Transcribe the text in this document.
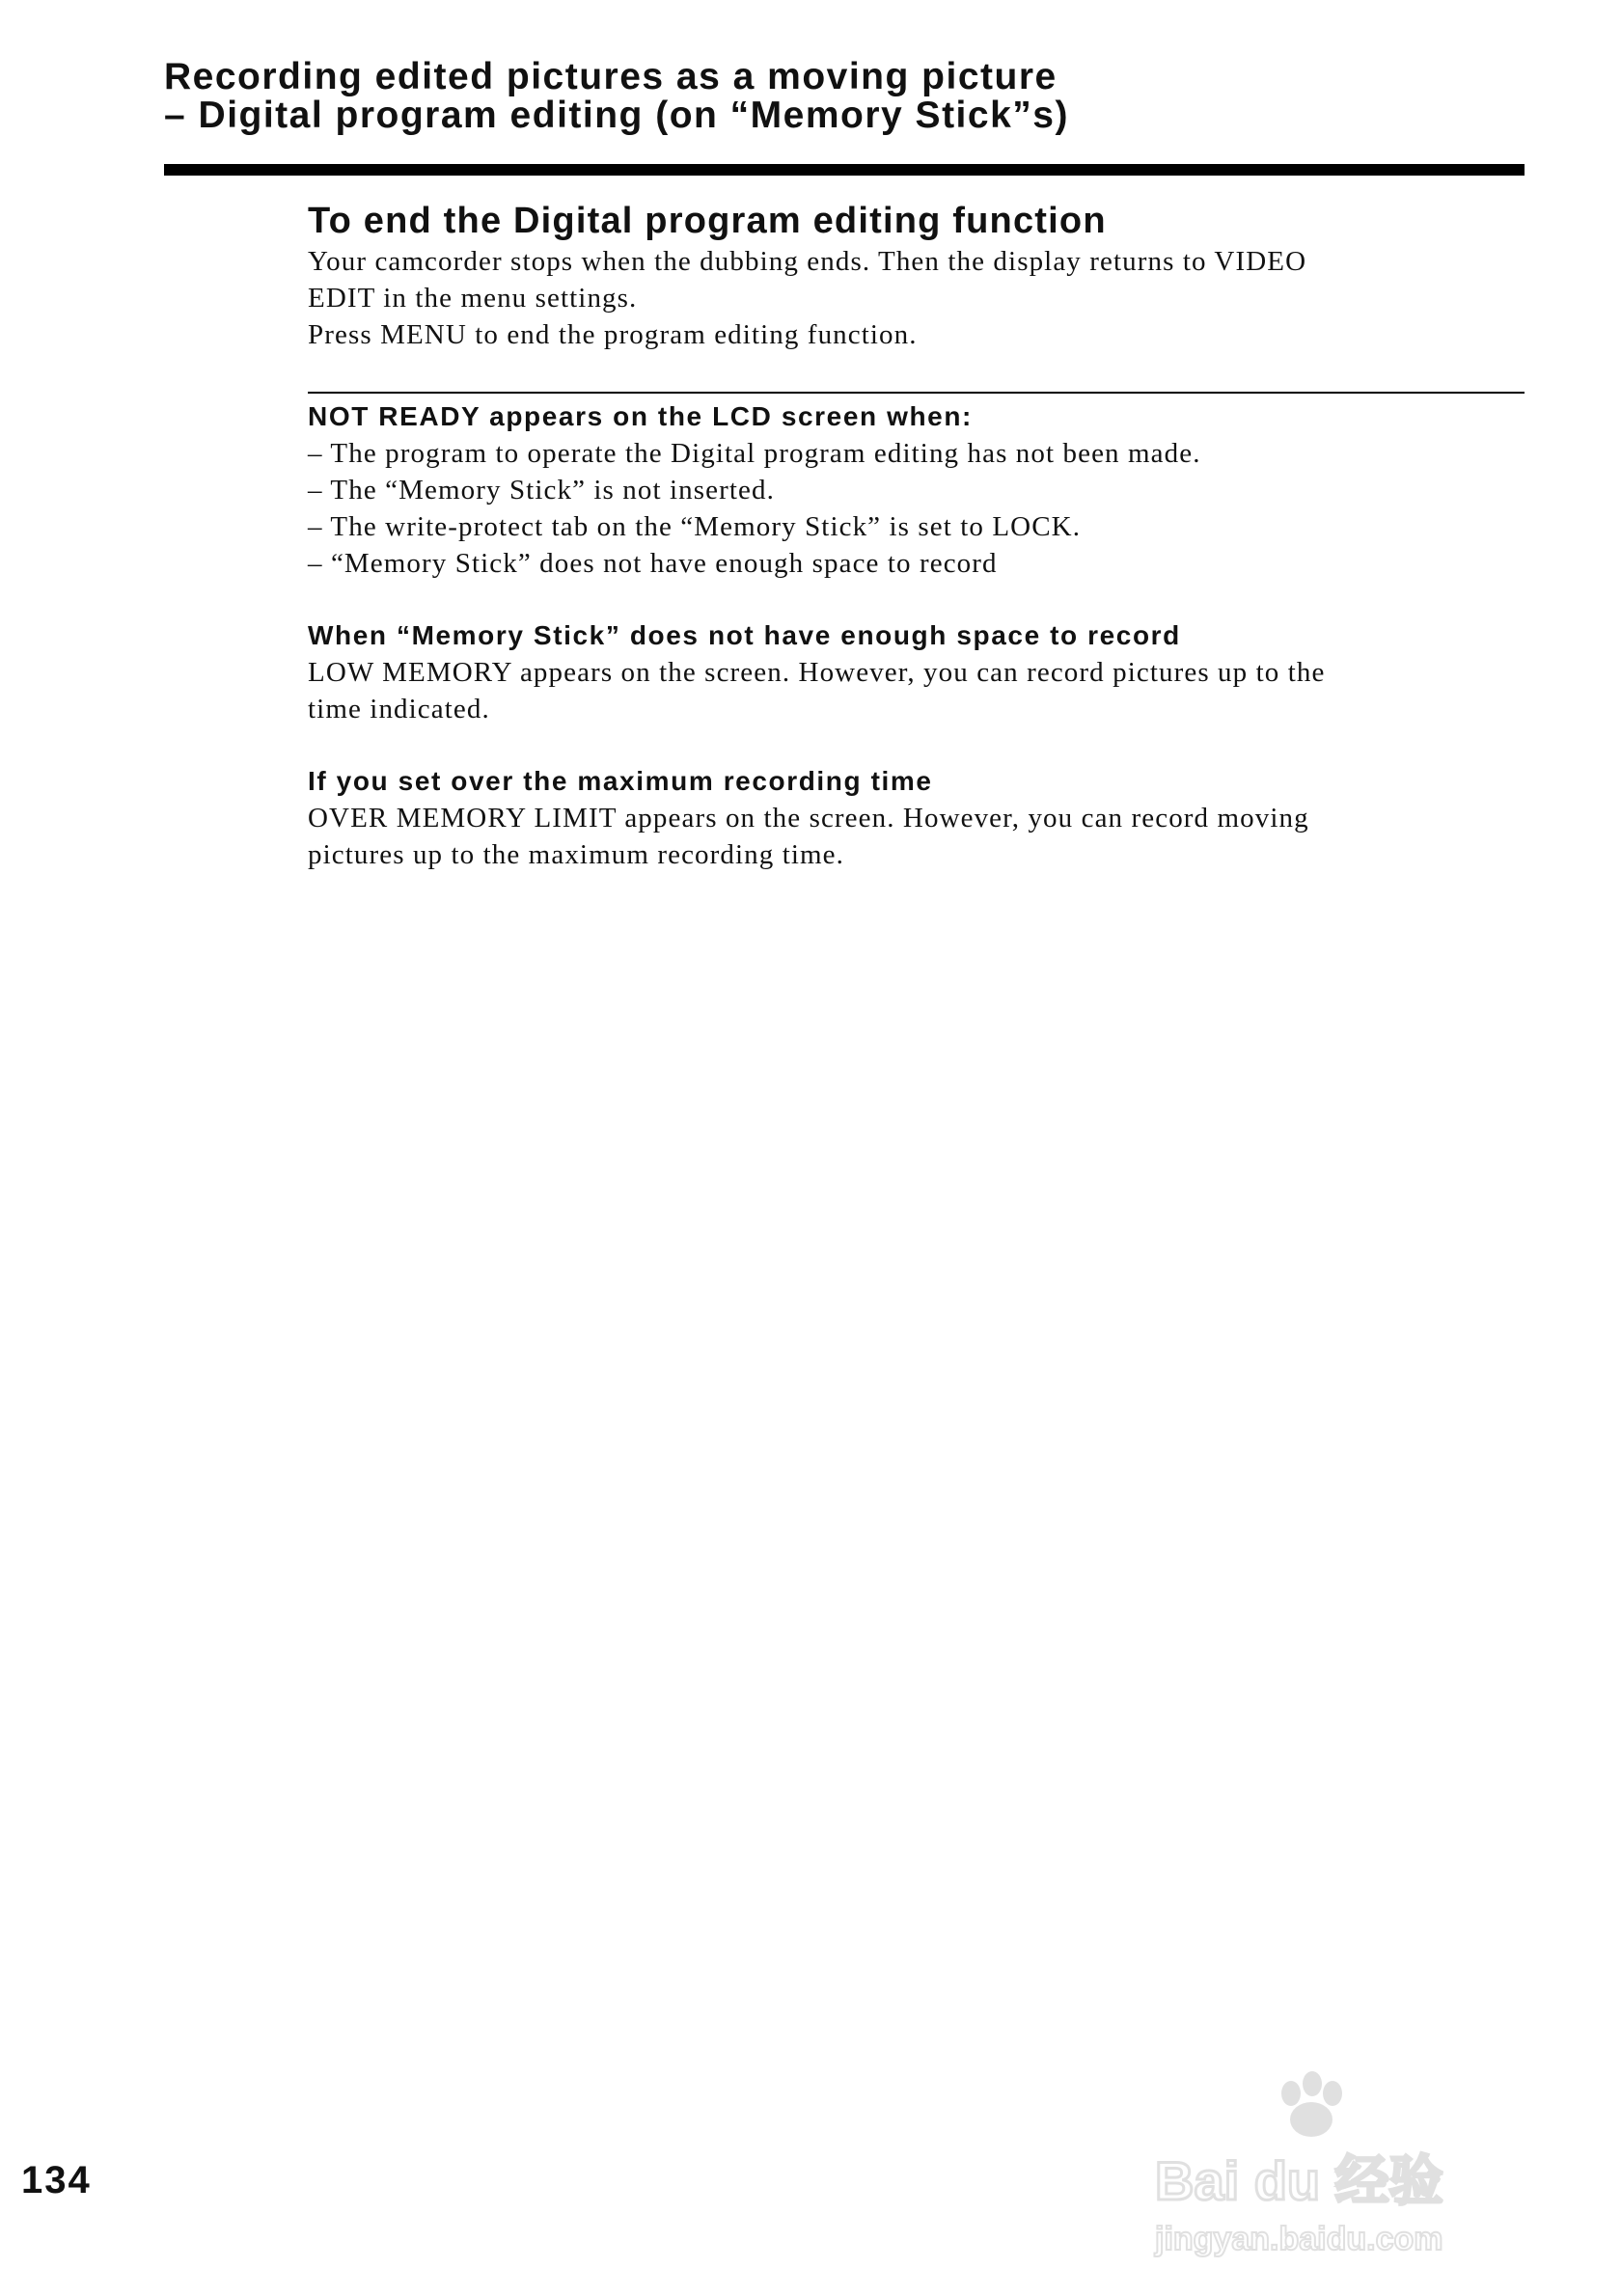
Recording edited pictures as a moving picture
– Digital program editing (on “Memory Stick”s)
To end the Digital program editing function

Your camcorder stops when the dubbing ends. Then the display returns to VIDEO

EDIT in the menu settings.

Press MENU to end the program editing function.

NOT READY appears on the LCD screen when:

– The program to operate the Digital program editing has not been made.

– The “Memory Stick” is not inserted.

– The write-protect tab on the “Memory Stick” is set to LOCK.

– “Memory Stick” does not have enough space to record

When “Memory Stick” does not have enough space to record

LOW MEMORY appears on the screen. However, you can record pictures up to the

time indicated.

If you set over the maximum recording time

OVER MEMORY LIMIT appears on the screen. However, you can record moving

pictures up to the maximum recording time.

134	Bai du 经验
jingyan.baidu.com
